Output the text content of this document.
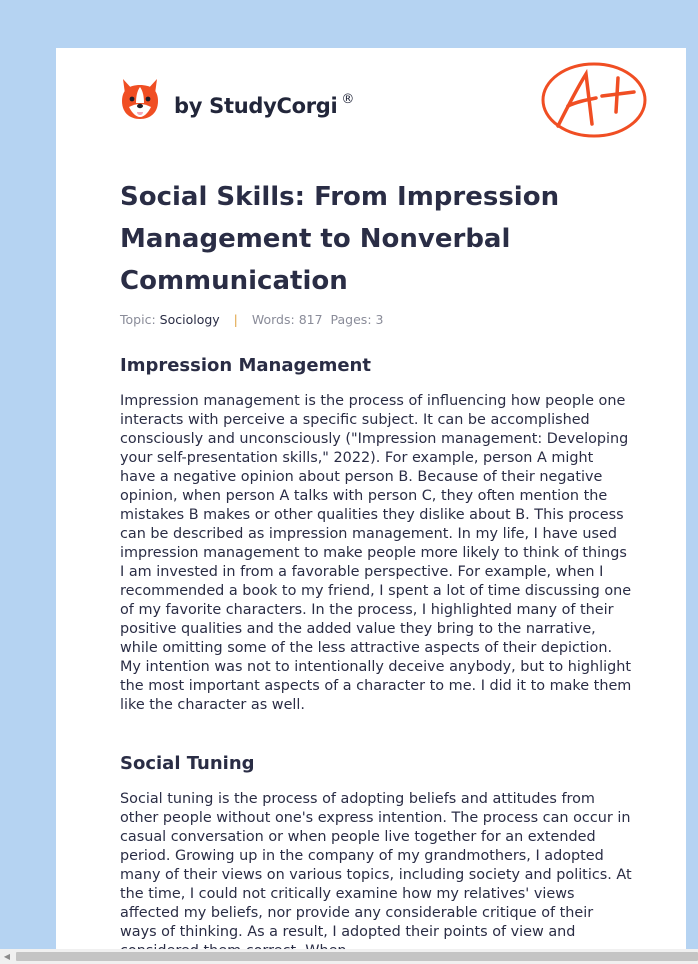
by StudyCorgi ®
Social Skills: From Impression Management to Nonverbal Communication
Topic: Sociology | Words: 817 Pages: 3
Impression Management

Impression management is the process of influencing how people one interacts with perceive a specific subject. It can be accomplished consciously and unconsciously ("Impression management: Developing your self-presentation skills," 2022). For example, person A might have a negative opinion about person B. Because of their negative opinion, when person A talks with person C, they often mention the mistakes B makes or other qualities they dislike about B. This process can be described as impression management. In my life, I have used impression management to make people more likely to think of things I am invested in from a favorable perspective. For example, when I recommended a book to my friend, I spent a lot of time discussing one of my favorite characters. In the process, I highlighted many of their positive qualities and the added value they bring to the narrative, while omitting some of the less attractive aspects of their depiction. My intention was not to intentionally deceive anybody, but to highlight the most important aspects of a character to me. I did it to make them like the character as well.

Social Tuning

Social tuning is the process of adopting beliefs and attitudes from other people without one's express intention. The process can occur in casual conversation or when people live together for an extended period. Growing up in the company of my grandmothers, I adopted many of their views on various topics, including society and politics. At the time, I could not critically examine how my relatives' views affected my beliefs, nor provide any considerable critique of their ways of thinking. As a result, I adopted their points of view and

◀
